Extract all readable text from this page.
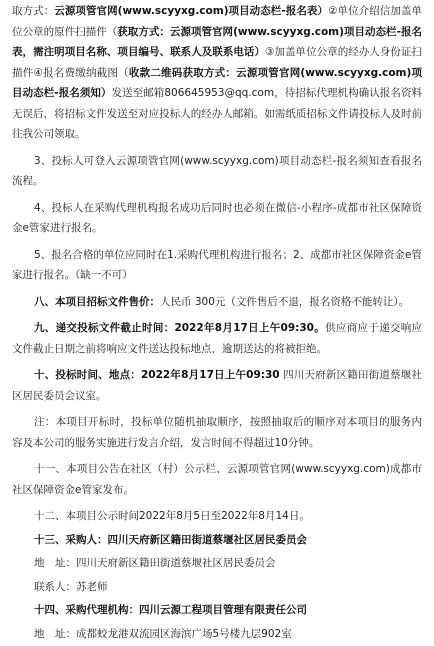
取方式：云源项管官网(www.scyyxg.com)项目动态栏-报名表）②单位介绍信加盖单位公章的原件扫描件（获取方式：云源项管官网(www.scyyxg.com)项目动态栏-报名表，需注明项目名称、项目编号、联系人及联系电话）③加盖单位公章的经办人身份证扫描件④报名费缴纳截图（收款二维码获取方式：云源项管官网(www.scyyxg.com)项目动态栏-报名须知）发送至邮箱806645953@qq.com，待招标代理机构确认报名资料无误后，将招标文件发送至对应投标人的经办人邮箱。如需纸质招标文件请投标人及时前往我公司领取。

3、投标人可登入云源项管官网(www.scyyxg.com)项目动态栏-报名须知查看报名流程。

4、投标人在采购代理机构报名成功后同时也必须在微信-小程序-成都市社区保障资金e管家进行报名。

5、报名合格的单位应同时在1.采购代理机构进行报名；2、成都市社区保障资金e管家进行报名。（缺一不可）

八、本项目招标文件售价：人民币 300元（文件售后不退，报名资格不能转让）。

九、递交投标文件截止时间：2022年8月17日上午09:30。供应商应于递交响应文件截止日期之前将响应文件送达投标地点，逾期送达的将被拒绝。

十、投标时间、地点：2022年8月17日上午09:30 四川天府新区籍田街道蔡堰社区居民委员会议室。

注：本项目开标时，投标单位随机抽取顺序，按照抽取后的顺序对本项目的服务内容及本公司的服务实施进行发言介绍，发言时间不得超过10分钟。

十一、本项目公告在社区（村）公示栏、云源项管官网(www.scyyxg.com)成都市社区保障资金e管家发布。

十二、本项目公示时间2022年8月5日至2022年8月14日。

十三、采购人：四川天府新区籍田街道蔡堰社区居民委员会

地　址：四川天府新区籍田街道蔡堰社区居民委员会

联系人：苏老师

十四、采购代理机构：四川云源工程项目管理有限责任公司

地　址：成都蛟龙港双流园区海滨广场5号楼九层902室
